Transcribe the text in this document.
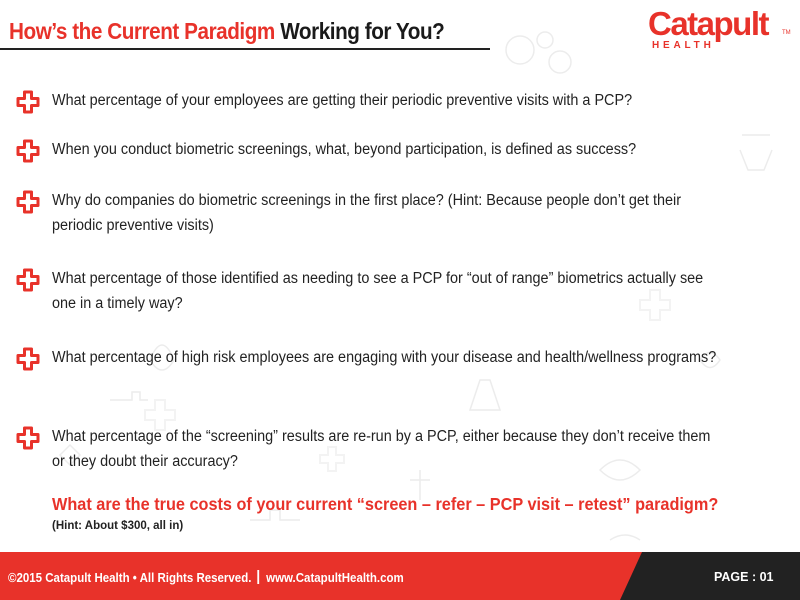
How’s the Current Paradigm Working for You?	Catapult TM
HEALTH

What percentage of your employees are getting their periodic preventive visits with a PCP?

When you conduct biometric screenings, what, beyond participation, is defined as success?

Why do companies do biometric screenings in the first place? (Hint: Because people don’t get their periodic preventive visits)

What percentage of those identified as needing to see a PCP for “out of range” biometrics actually see one in a timely way?

What percentage of high risk employees are engaging with your disease and health/wellness programs?

What percentage of the “screening” results are re-run by a PCP, either because they don’t receive them or they doubt their accuracy?

What are the true costs of your current “screen – refer – PCP visit – retest” paradigm?

(Hint: About $300, all in)

©2015 Catapult Health • All Rights Reserved. www.CatapultHealth.com	PAGE : 01
